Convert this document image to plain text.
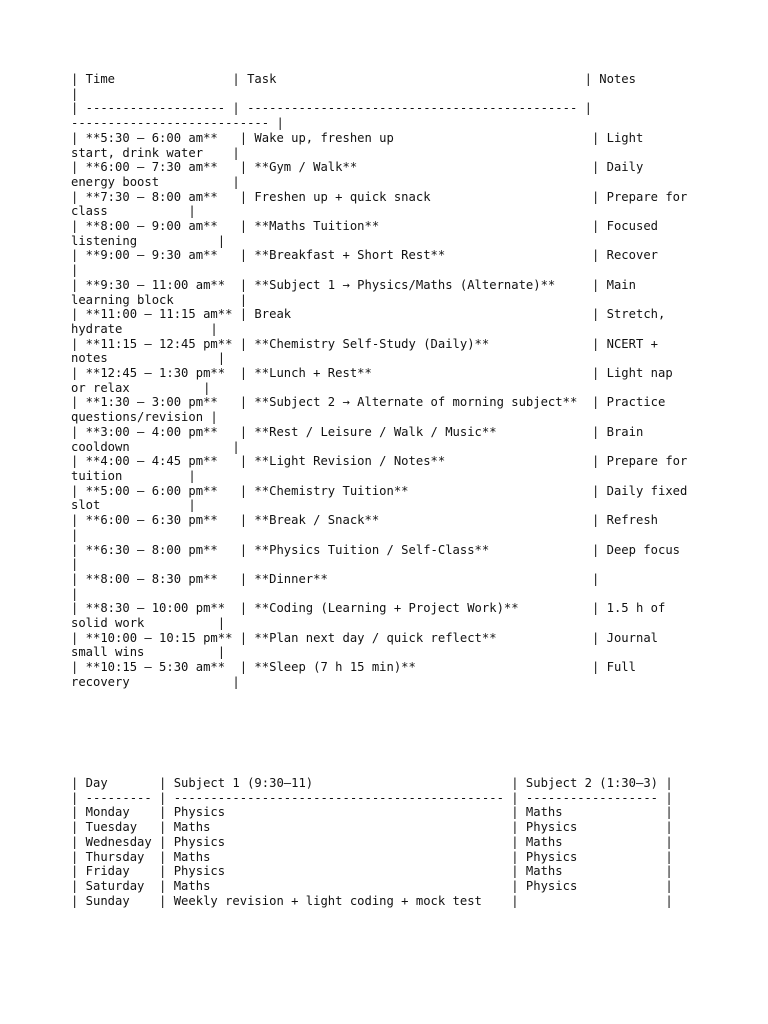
| Time                | Task                                          | Notes
|
| ------------------- | --------------------------------------------- |
--------------------------- |
| **5:30 – 6:00 am**   | Wake up, freshen up                           | Light
start, drink water    |
| **6:00 – 7:30 am**   | **Gym / Walk**                                | Daily
energy boost          |
| **7:30 – 8:00 am**   | Freshen up + quick snack                      | Prepare for
class           |
| **8:00 – 9:00 am**   | **Maths Tuition**                             | Focused
listening           |
| **9:00 – 9:30 am**   | **Breakfast + Short Rest**                    | Recover
|
| **9:30 – 11:00 am**  | **Subject 1 → Physics/Maths (Alternate)**     | Main
learning block         |
| **11:00 – 11:15 am** | Break                                         | Stretch,
hydrate            |
| **11:15 – 12:45 pm** | **Chemistry Self-Study (Daily)**              | NCERT +
notes               |
| **12:45 – 1:30 pm**  | **Lunch + Rest**                              | Light nap
or relax          |
| **1:30 – 3:00 pm**   | **Subject 2 → Alternate of morning subject**  | Practice
questions/revision |
| **3:00 – 4:00 pm**   | **Rest / Leisure / Walk / Music**             | Brain
cooldown              |
| **4:00 – 4:45 pm**   | **Light Revision / Notes**                    | Prepare for
tuition         |
| **5:00 – 6:00 pm**   | **Chemistry Tuition**                         | Daily fixed
slot            |
| **6:00 – 6:30 pm**   | **Break / Snack**                             | Refresh
|
| **6:30 – 8:00 pm**   | **Physics Tuition / Self-Class**              | Deep focus
|
| **8:00 – 8:30 pm**   | **Dinner**                                    |
|
| **8:30 – 10:00 pm**  | **Coding (Learning + Project Work)**          | 1.5 h of
solid work          |
| **10:00 – 10:15 pm** | **Plan next day / quick reflect**             | Journal
small wins          |
| **10:15 – 5:30 am**  | **Sleep (7 h 15 min)**                        | Full
recovery              |
| Day       | Subject 1 (9:30–11)                           | Subject 2 (1:30–3) |
| --------- | --------------------------------------------- | ------------------ |
| Monday    | Physics                                       | Maths              |
| Tuesday   | Maths                                         | Physics            |
| Wednesday | Physics                                       | Maths              |
| Thursday  | Maths                                         | Physics            |
| Friday    | Physics                                       | Maths              |
| Saturday  | Maths                                         | Physics            |
| Sunday    | Weekly revision + light coding + mock test    |                    |
